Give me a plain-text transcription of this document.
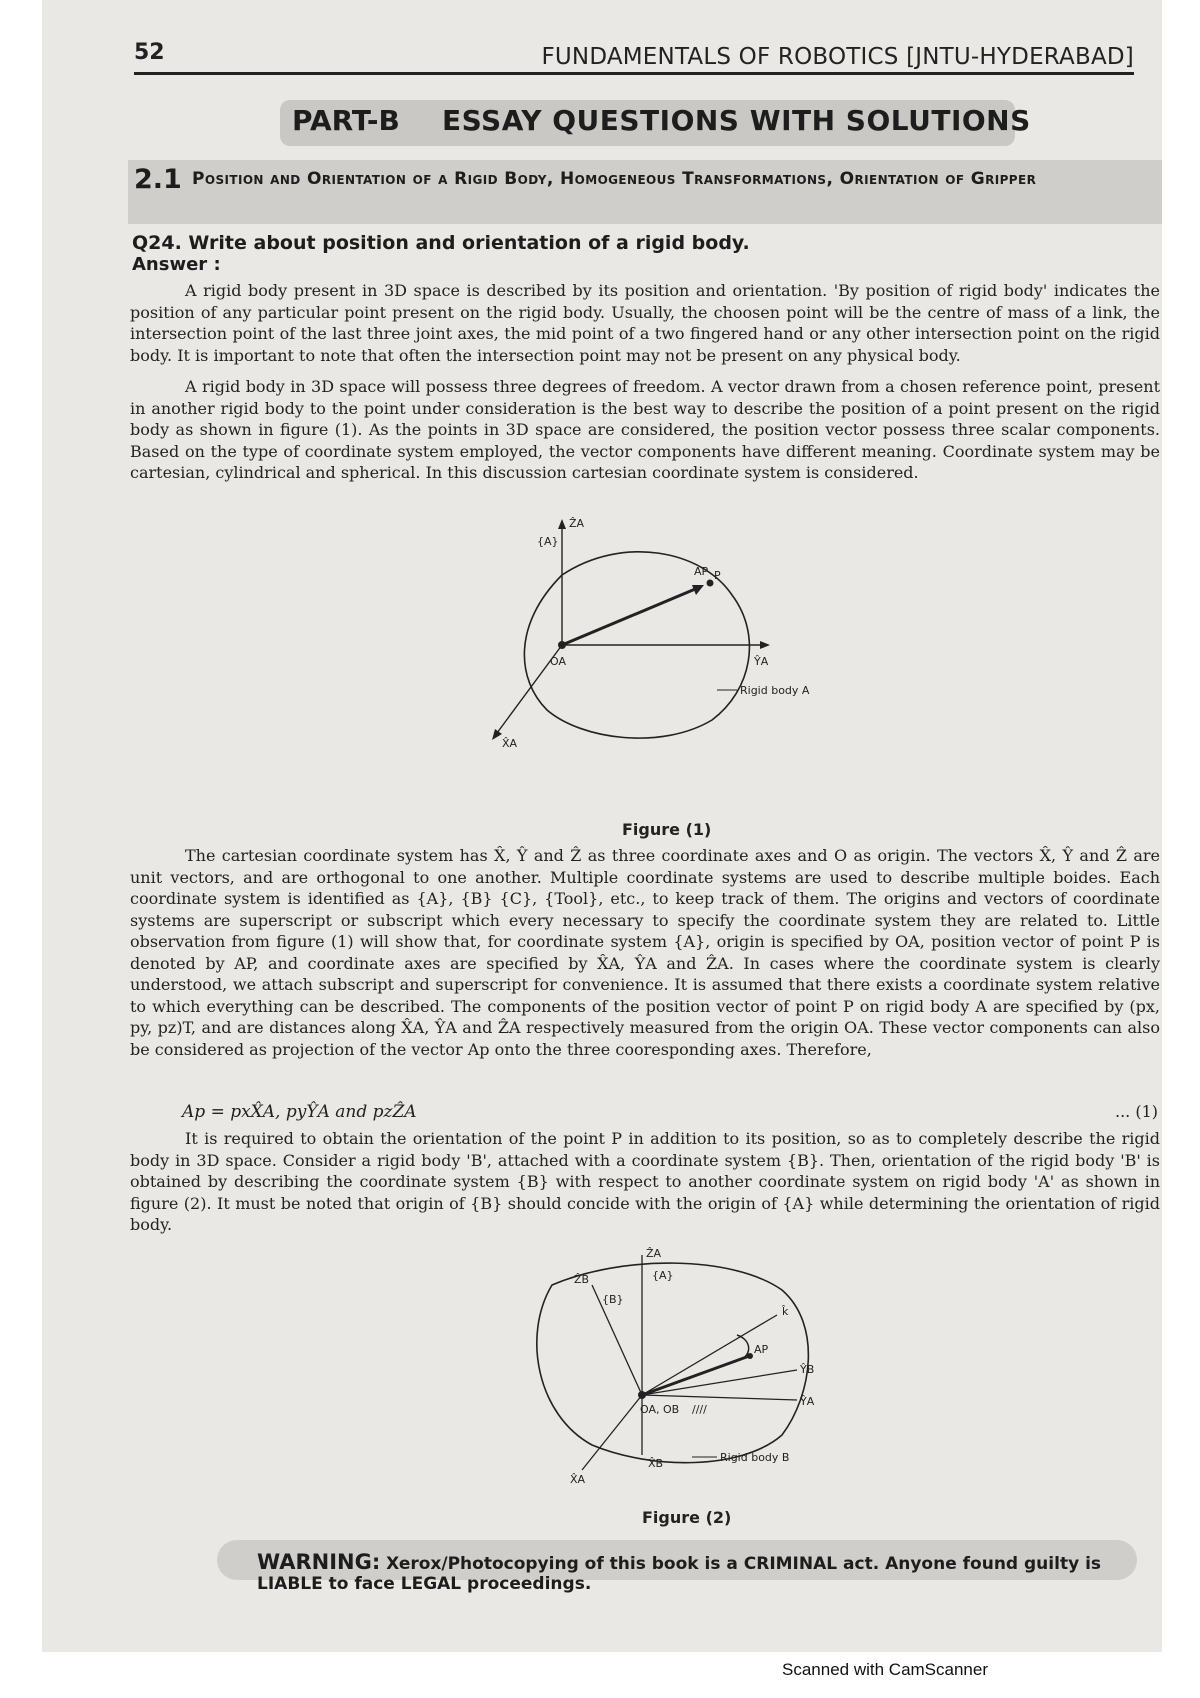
52	FUNDAMENTALS OF ROBOTICS [JNTU-HYDERABAD]
PART-B ESSAY QUESTIONS WITH SOLUTIONS
2.1 Position and Orientation of a Rigid Body, Homogeneous Transformations, Orientation of Gripper
Q24. Write about position and orientation of a rigid body.
Answer :

A rigid body present in 3D space is described by its position and orientation. 'By position of rigid body' indicates the position of any particular point present on the rigid body. Usually, the choosen point will be the centre of mass of a link, the intersection point of the last three joint axes, the mid point of a two fingered hand or any other intersection point on the rigid body. It is important to note that often the intersection point may not be present on any physical body.

A rigid body in 3D space will possess three degrees of freedom. A vector drawn from a chosen reference point, present in another rigid body to the point under consideration is the best way to describe the position of a point present on the rigid body as shown in figure (1). As the points in 3D space are considered, the position vector possess three scalar components. Based on the type of coordinate system employed, the vector components have different meaning. Coordinate system may be cartesian, cylindrical and spherical. In this discussion cartesian coordinate system is considered.

ẐA
{A}
AP P
OA	ŶA
Rigid body A
X̂A
Figure (1)

The cartesian coordinate system has X̂, Ŷ and Ẑ as three coordinate axes and O as origin. The vectors X̂, Ŷ and Ẑ are unit vectors, and are orthogonal to one another. Multiple coordinate systems are used to describe multiple boides. Each coordinate system is identified as {A}, {B} {C}, {Tool}, etc., to keep track of them. The origins and vectors of coordinate systems are superscript or subscript which every necessary to specify the coordinate system they are related to. Little observation from figure (1) will show that, for coordinate system {A}, origin is specified by OA, position vector of point P is denoted by AP, and coordinate axes are specified by X̂A, ŶA and ẐA. In cases where the coordinate system is clearly understood, we attach subscript and superscript for convenience. It is assumed that there exists a coordinate system relative to which everything can be described. The components of the position vector of point P on rigid body A are specified by (px, py, pz)T, and are distances along X̂A, ŶA and ẐA respectively measured from the origin OA. These vector components can also be considered as projection of the vector Ap onto the three cooresponding axes. Therefore,

Ap = pxX̂A, pyŶA and pzẐA	... (1)

It is required to obtain the orientation of the point P in addition to its position, so as to completely describe the rigid body in 3D space. Consider a rigid body 'B', attached with a coordinate system {B}. Then, orientation of the rigid body 'B' is obtained by describing the coordinate system {B} with respect to another coordinate system on rigid body 'A' as shown in figure (2). It must be noted that origin of {B} should concide with the origin of {A} while determining the orientation of rigid body.

ẐA
ẐB	{A}
{B}
k̂
AP
ŶB
ŶA
OA, OB ////
X̂B
X̂A
Rigid body B
Figure (2)
WARNING: Xerox/Photocopying of this book is a CRIMINAL act. Anyone found guilty is LIABLE to face LEGAL proceedings.
Scanned with CamScanner
